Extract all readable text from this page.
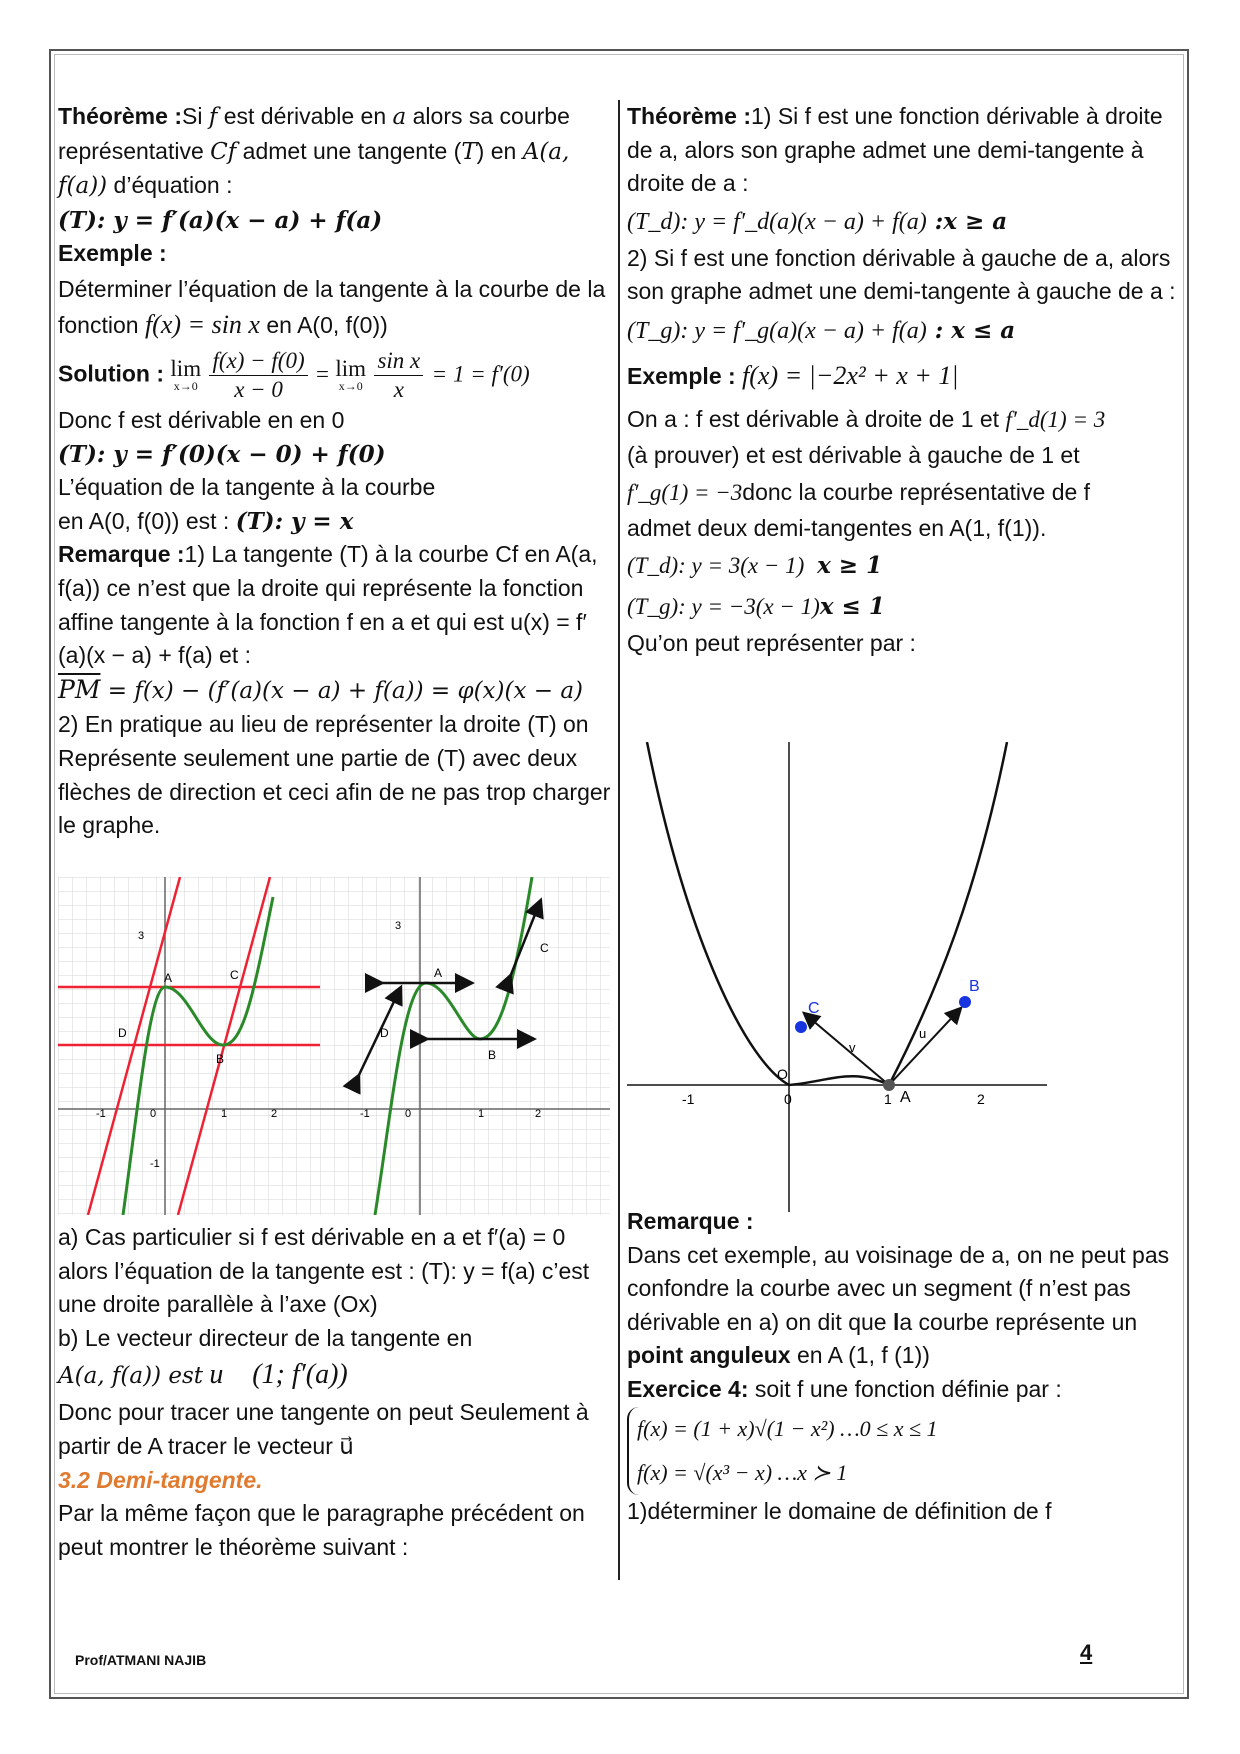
Théorème :Si f est dérivable en a alors sa courbe représentative Cf admet une tangente (T) en A(a, f(a)) d’équation :

(T): y = f′(a)(x − a) + f(a)

Exemple :

Déterminer l’équation de la tangente à la courbe de la fonction f(x) = sin x en A(0, f(0))

Solution : lim
x→0
$\frac{f(x) - f(0)}{x - 0} = \lim$
x→0
$\frac{\text{sin x}}{x} = 1 = f'(0)$

Donc f est dérivable en en 0

(T): y = f′(0)(x − 0) + f(0)

L’équation de la tangente à la courbe

en A(0, f(0)) est : (T): y = x

Remarque :1) La tangente (T) à la courbe Cf en A(a, f(a)) ce n’est que la droite qui représente la fonction affine tangente à la fonction f en a et qui est u(x) = f′(a)(x − a) + f(a) et :

$\overline{PM} = f(x) - (f'(a)(x - a) + f(a)) = \varphi(x)(x - a)$

2) En pratique au lieu de représenter la droite (T) on Représente seulement une partie de (T) avec deux flèches de direction et ceci afin de ne pas trop charger le graphe.

3
0
-1	1	2
-1
C
A
D
B
3
0
-1	1	2
C
A
D
B

a) Cas particulier si f est dérivable en a et f′(a) = 0 alors l’équation de la tangente est : (T): y = f(a) c’est une droite parallèle à l’axe (Ox)

b) Le vecteur directeur de la tangente en

A(a, f(a)) est u⃗ (1; f′(a))

Donc pour tracer une tangente on peut Seulement à partir de A tracer le vecteur u⃗

3.2 Demi-tangente.

Par la même façon que le paragraphe précédent on peut montrer le théorème suivant :

Théorème :1) Si f est une fonction dérivable à droite de a, alors son graphe admet une demi-tangente à droite de a :

(T_d): y = f′_d(a)(x − a) + f(a) :x ≥ a

2) Si f est une fonction dérivable à gauche de a, alors son graphe admet une demi-tangente à gauche de a :

(T_g): y = f′_g(a)(x − a) + f(a) : x ≤ a

Exemple : f(x) = |−2x² + x + 1|

On a : f est dérivable à droite de 1 et f′_d(1) = 3

(à prouver) et est dérivable à gauche de 1 et

f′_g(1) = −3donc la courbe représentative de f

admet deux demi-tangentes en A(1, f(1)).

(T_d): y = 3(x − 1) x ≥ 1

(T_g): y = −3(x − 1)x ≤ 1

Qu’on peut représenter par :

C
B
O
A
u
v
-1	0	1	2

Remarque :

Dans cet exemple, au voisinage de a, on ne peut pas confondre la courbe avec un segment (f n’est pas dérivable en a) on dit que la courbe représente un point anguleux en A (1, f (1))

Exercice 4: soit f une fonction définie par :

f(x) = (1 + x)√(1 − x²) …0 ≤ x ≤ 1
f(x) = √(x³ − x) …x ≻ 1

1)déterminer le domaine de définition de f

Prof/ATMANI NAJIB	4
